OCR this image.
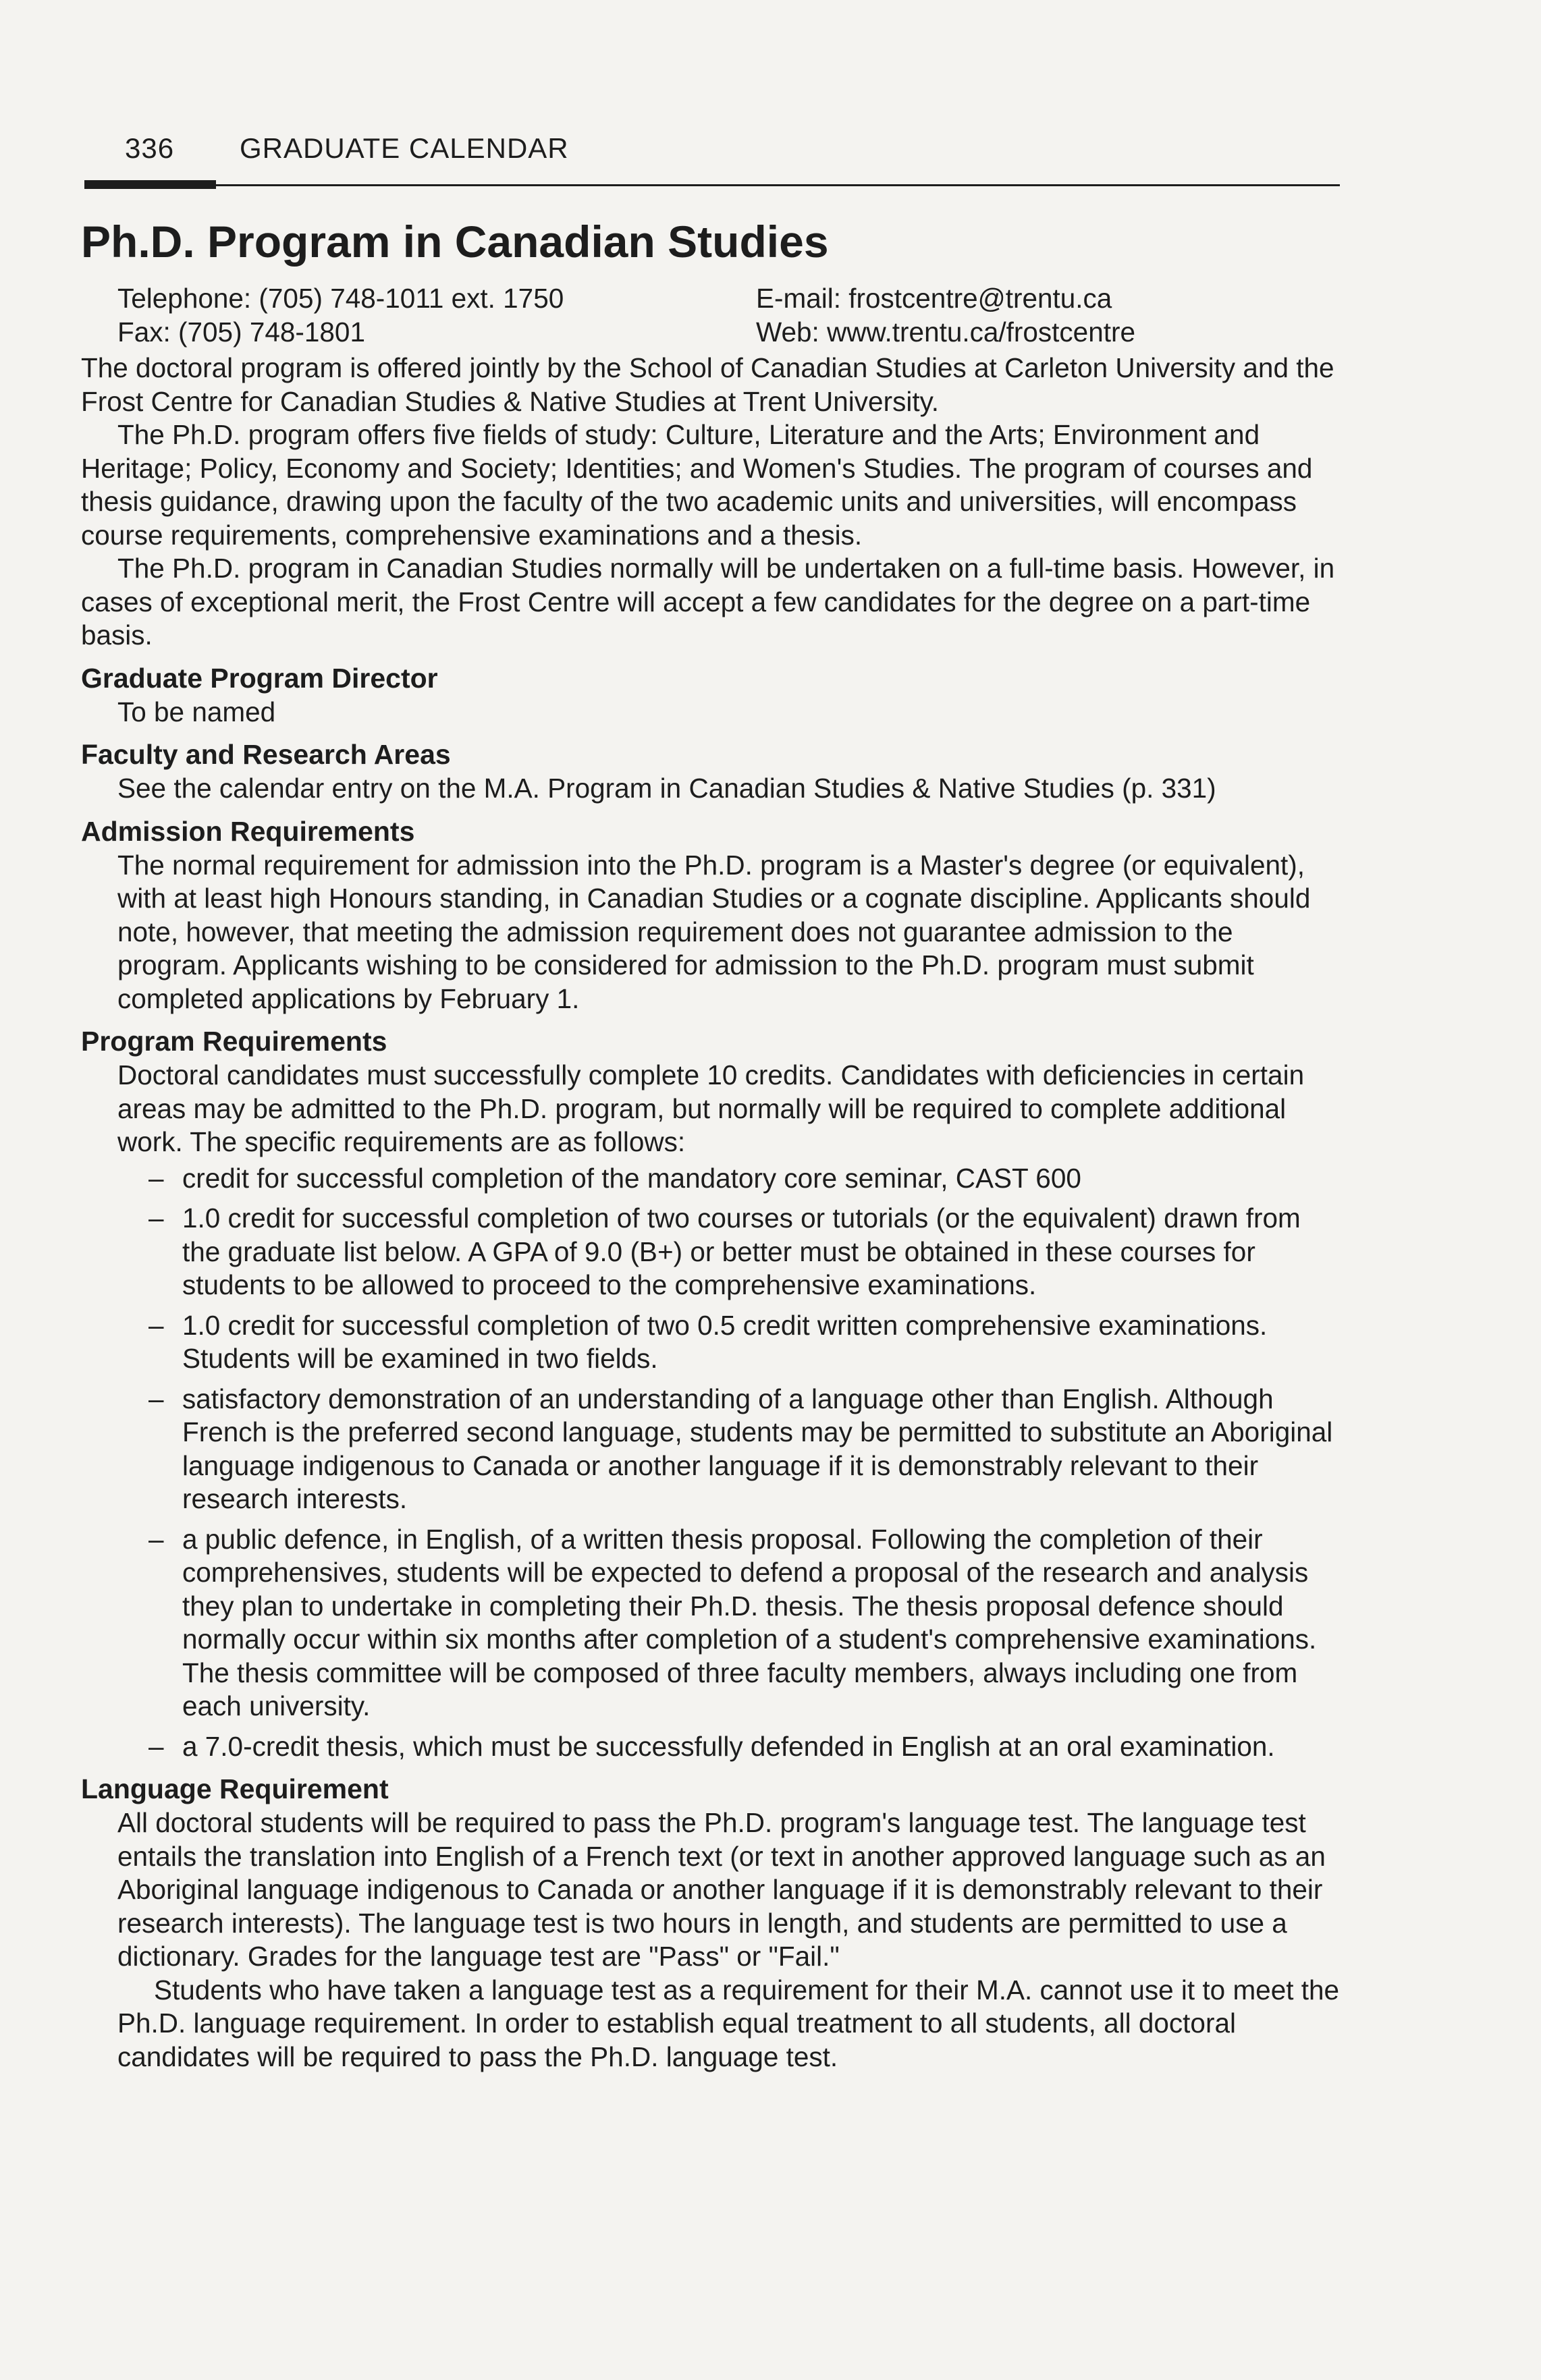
336 GRADUATE CALENDAR
Ph.D. Program in Canadian Studies
Telephone: (705) 748-1011 ext. 1750
Fax: (705) 748-1801
E-mail: frostcentre@trentu.ca
Web: www.trentu.ca/frostcentre

The doctoral program is offered jointly by the School of Canadian Studies at Carleton University and the Frost Centre for Canadian Studies & Native Studies at Trent University.

The Ph.D. program offers five fields of study: Culture, Literature and the Arts; Environment and Heritage; Policy, Economy and Society; Identities; and Women's Studies. The program of courses and thesis guidance, drawing upon the faculty of the two academic units and universities, will encompass course requirements, comprehensive examinations and a thesis.

The Ph.D. program in Canadian Studies normally will be undertaken on a full-time basis. However, in cases of exceptional merit, the Frost Centre will accept a few candidates for the degree on a part-time basis.

Graduate Program Director

To be named

Faculty and Research Areas

See the calendar entry on the M.A. Program in Canadian Studies & Native Studies (p. 331)

Admission Requirements

The normal requirement for admission into the Ph.D. program is a Master's degree (or equivalent), with at least high Honours standing, in Canadian Studies or a cognate discipline. Applicants should note, however, that meeting the admission requirement does not guarantee admission to the program. Applicants wishing to be considered for admission to the Ph.D. program must submit completed applications by February 1.

Program Requirements

Doctoral candidates must successfully complete 10 credits. Candidates with deficiencies in certain areas may be admitted to the Ph.D. program, but normally will be required to complete additional work. The specific requirements are as follows:

– credit for successful completion of the mandatory core seminar, CAST 600
– 1.0 credit for successful completion of two courses or tutorials (or the equivalent) drawn from the graduate list below. A GPA of 9.0 (B+) or better must be obtained in these courses for students to be allowed to proceed to the comprehensive examinations.
– 1.0 credit for successful completion of two 0.5 credit written comprehensive examinations. Students will be examined in two fields.
– satisfactory demonstration of an understanding of a language other than English. Although French is the preferred second language, students may be permitted to substitute an Aboriginal language indigenous to Canada or another language if it is demonstrably relevant to their research interests.
– a public defence, in English, of a written thesis proposal. Following the completion of their comprehensives, students will be expected to defend a proposal of the research and analysis they plan to undertake in completing their Ph.D. thesis. The thesis proposal defence should normally occur within six months after completion of a student's comprehensive examinations. The thesis committee will be composed of three faculty members, always including one from each university.
– a 7.0-credit thesis, which must be successfully defended in English at an oral examination.
Language Requirement

All doctoral students will be required to pass the Ph.D. program's language test. The language test entails the translation into English of a French text (or text in another approved language such as an Aboriginal language indigenous to Canada or another language if it is demonstrably relevant to their research interests). The language test is two hours in length, and students are permitted to use a dictionary. Grades for the language test are "Pass" or "Fail."

Students who have taken a language test as a requirement for their M.A. cannot use it to meet the Ph.D. language requirement. In order to establish equal treatment to all students, all doctoral candidates will be required to pass the Ph.D. language test.
